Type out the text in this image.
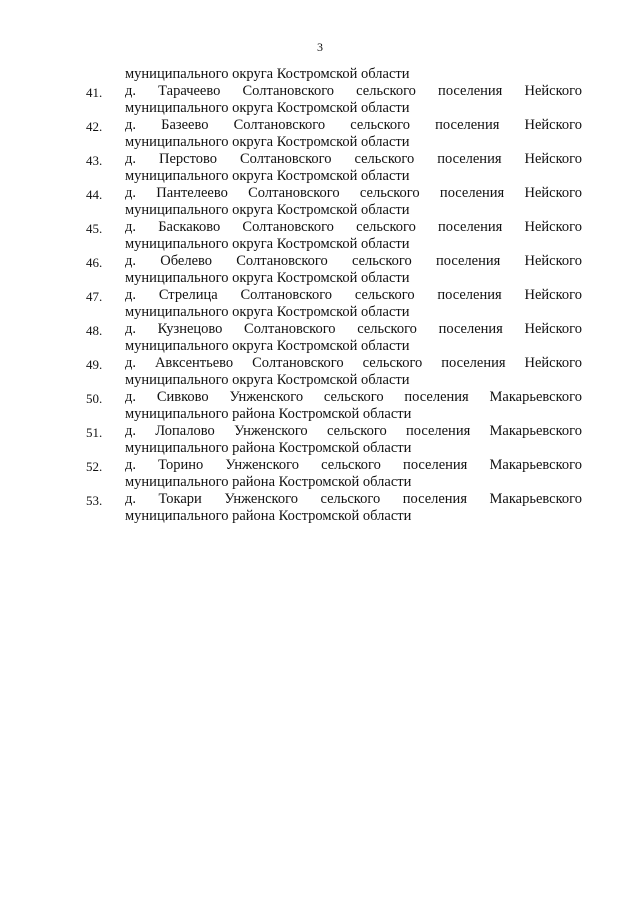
3
муниципального округа Костромской области
41.	д. Тарачеево Солтановского сельского поселения Нейского
муниципального округа Костромской области
42.	д. Базеево Солтановского сельского поселения Нейского
муниципального округа Костромской области
43.	д. Перстово Солтановского сельского поселения Нейского
муниципального округа Костромской области
44.	д. Пантелеево Солтановского сельского поселения Нейского
муниципального округа Костромской области
45.	д. Баскаково Солтановского сельского поселения Нейского
муниципального округа Костромской области
46.	д. Обелево Солтановского сельского поселения Нейского
муниципального округа Костромской области
47.	д. Стрелица Солтановского сельского поселения Нейского
муниципального округа Костромской области
48.	д. Кузнецово Солтановского сельского поселения Нейского
муниципального округа Костромской области
49.	д. Авксентьево Солтановского сельского поселения Нейского
муниципального округа Костромской области
50.	д. Сивково Унженского сельского поселения Макарьевского
муниципального района Костромской области
51.	д. Лопалово Унженского сельского поселения Макарьевского
муниципального района Костромской области
52.	д. Торино Унженского сельского поселения Макарьевского
муниципального района Костромской области
53.	д. Токари Унженского сельского поселения Макарьевского
муниципального района Костромской области
